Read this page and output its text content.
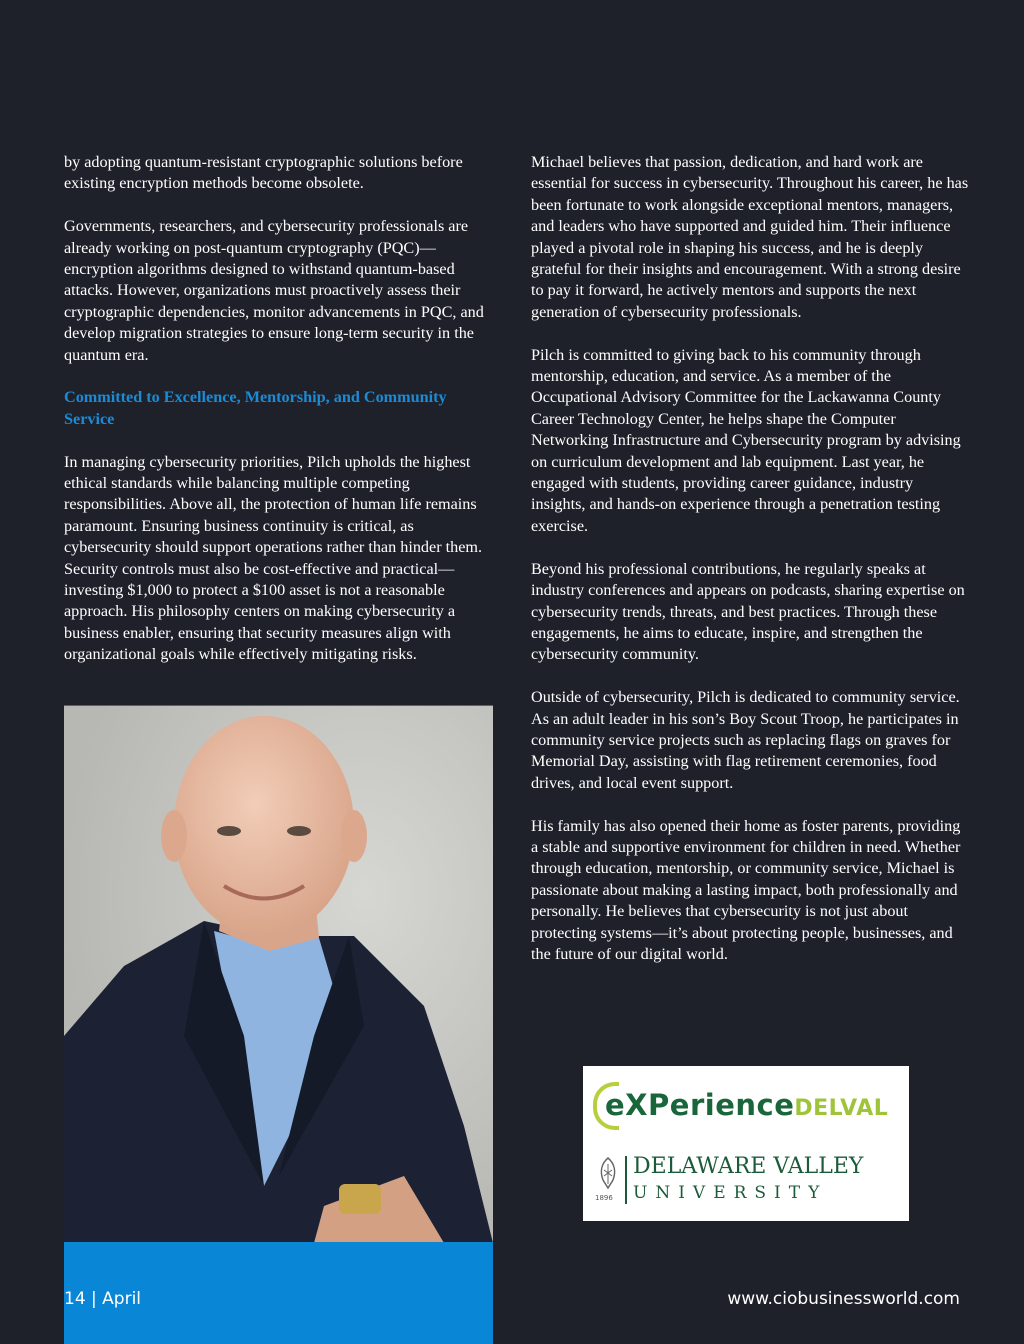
by adopting quantum-resistant cryptographic solutions before existing encryption methods become obsolete.

Governments, researchers, and cybersecurity professionals are already working on post-quantum cryptography (PQC)—encryption algorithms designed to withstand quantum-based attacks. However, organizations must proactively assess their cryptographic dependencies, monitor advancements in PQC, and develop migration strategies to ensure long-term security in the quantum era.

Committed to Excellence, Mentorship, and Community Service

In managing cybersecurity priorities, Pilch upholds the highest ethical standards while balancing multiple competing responsibilities. Above all, the protection of human life remains paramount. Ensuring business continuity is critical, as cybersecurity should support operations rather than hinder them. Security controls must also be cost-effective and practical—investing $1,000 to protect a $100 asset is not a reasonable approach. His philosophy centers on making cybersecurity a business enabler, ensuring that security measures align with organizational goals while effectively mitigating risks.

Michael believes that passion, dedication, and hard work are essential for success in cybersecurity. Throughout his career, he has been fortunate to work alongside exceptional mentors, managers, and leaders who have supported and guided him. Their influence played a pivotal role in shaping his success, and he is deeply grateful for their insights and encouragement. With a strong desire to pay it forward, he actively mentors and supports the next generation of cybersecurity professionals.

Pilch is committed to giving back to his community through mentorship, education, and service. As a member of the Occupational Advisory Committee for the Lackawanna County Career Technology Center, he helps shape the Computer Networking Infrastructure and Cybersecurity program by advising on curriculum development and lab equipment. Last year, he engaged with students, providing career guidance, industry insights, and hands-on experience through a penetration testing exercise.

Beyond his professional contributions, he regularly speaks at industry conferences and appears on podcasts, sharing expertise on cybersecurity trends, threats, and best practices. Through these engagements, he aims to educate, inspire, and strengthen the cybersecurity community.

Outside of cybersecurity, Pilch is dedicated to community service. As an adult leader in his son’s Boy Scout Troop, he participates in community service projects such as replacing flags on graves for Memorial Day, assisting with flag retirement ceremonies, food drives, and local event support.

His family has also opened their home as foster parents, providing a stable and supportive environment for children in need. Whether through education, mentorship, or community service, Michael is passionate about making a lasting impact, both professionally and personally. He believes that cybersecurity is not just about protecting systems—it’s about protecting people, businesses, and the future of our digital world.

eXPerienceDELVAL
1896
DELAWARE VALLEY
UNIVERSITY
14 | April	www.ciobusinessworld.com
